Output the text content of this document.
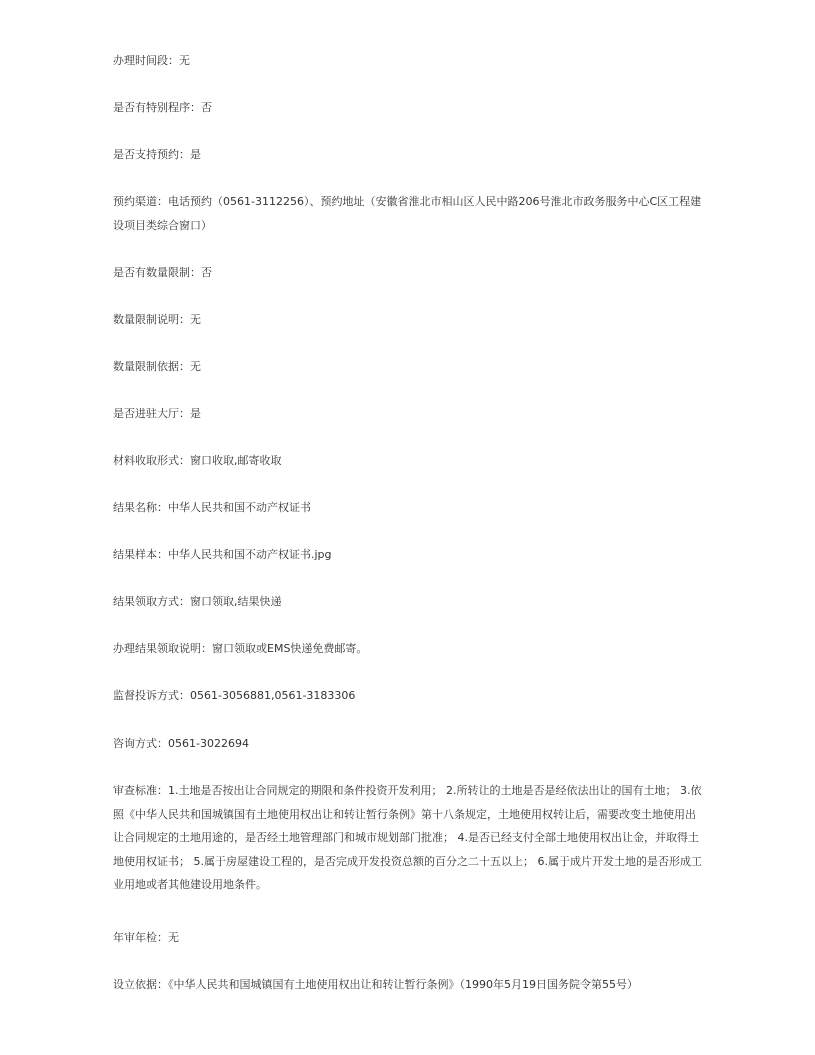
办理时间段：无
是否有特别程序：否
是否支持预约：是
预约渠道：电话预约（0561-3112256）、预约地址（安徽省淮北市相山区人民中路206号淮北市政务服务中心C区工程建设项目类综合窗口）
是否有数量限制：否
数量限制说明：无
数量限制依据：无
是否进驻大厅：是
材料收取形式：窗口收取,邮寄收取
结果名称：中华人民共和国不动产权证书
结果样本：中华人民共和国不动产权证书.jpg
结果领取方式：窗口领取,结果快递
办理结果领取说明：窗口领取或EMS快递免费邮寄。
监督投诉方式：0561-3056881,0561-3183306
咨询方式：0561-3022694
审查标准：1.土地是否按出让合同规定的期限和条件投资开发利用； 2.所转让的土地是否是经依法出让的国有土地； 3.依照《中华人民共和国城镇国有土地使用权出让和转让暂行条例》第十八条规定，土地使用权转让后，需要改变土地使用出让合同规定的土地用途的，是否经土地管理部门和城市规划部门批准； 4.是否已经支付全部土地使用权出让金，并取得土地使用权证书； 5.属于房屋建设工程的，是否完成开发投资总额的百分之二十五以上； 6.属于成片开发土地的是否形成工业用地或者其他建设用地条件。
年审年检：无
设立依据：《中华人民共和国城镇国有土地使用权出让和转让暂行条例》（1990年5月19日国务院令第55号）
